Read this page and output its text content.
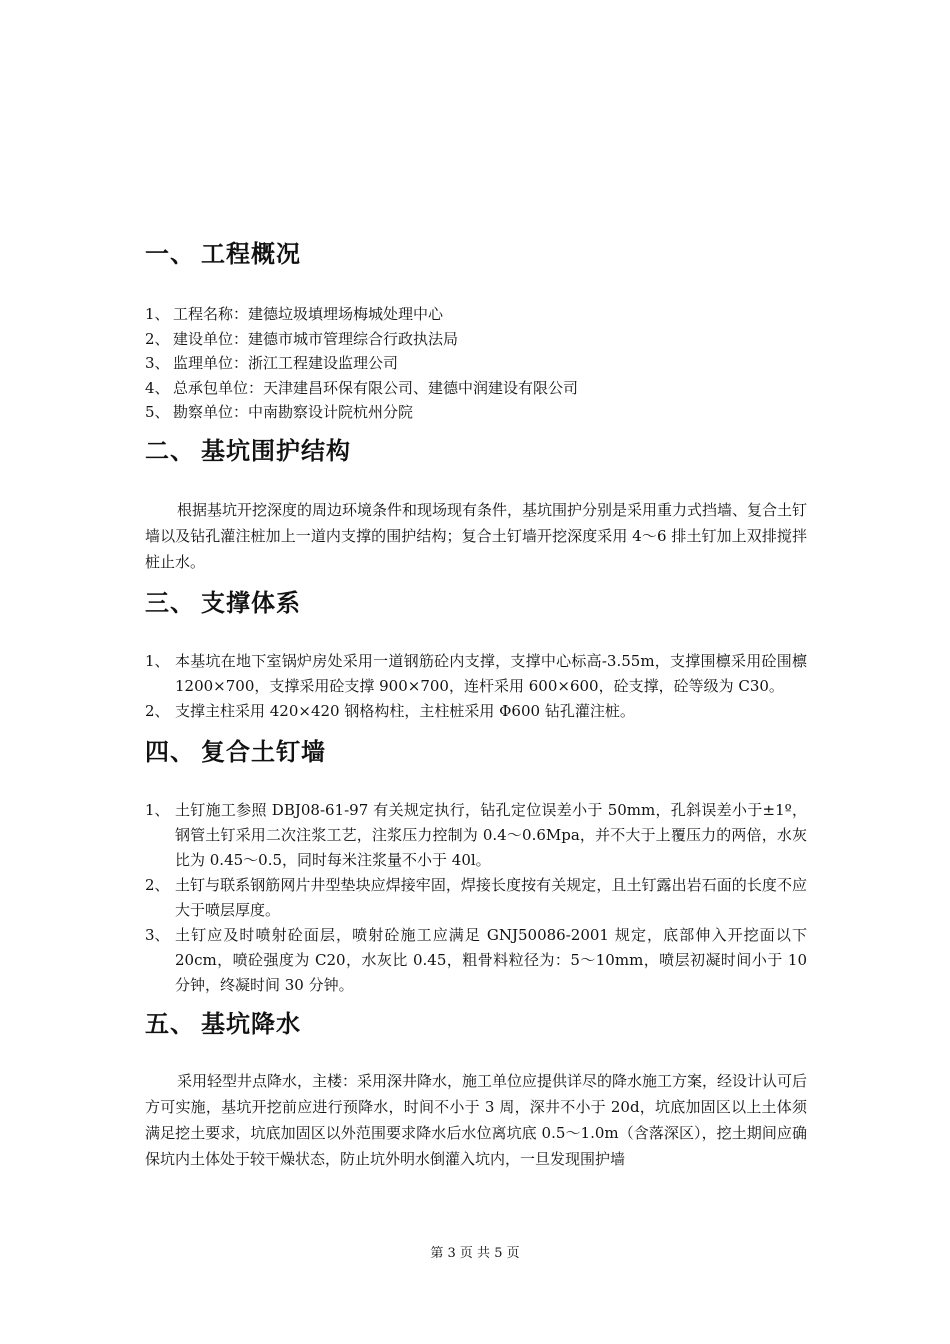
一、 工程概况
1、 工程名称：建德垃圾填埋场梅城处理中心
2、 建设单位：建德市城市管理综合行政执法局
3、 监理单位：浙江工程建设监理公司
4、 总承包单位：天津建昌环保有限公司、建德中润建设有限公司
5、 勘察单位：中南勘察设计院杭州分院
二、 基坑围护结构

根据基坑开挖深度的周边环境条件和现场现有条件，基坑围护分别是采用重力式挡墙、复合土钉墙以及钻孔灌注桩加上一道内支撑的围护结构；复合土钉墙开挖深度采用 4～6 排土钉加上双排搅拌桩止水。

三、 支撑体系
1、 本基坑在地下室锅炉房处采用一道钢筋砼内支撑，支撑中心标高-3.55m，支撑围檩采用砼围檩 1200×700，支撑采用砼支撑 900×700，连杆采用 600×600，砼支撑，砼等级为 C30。
2、 支撑主柱采用 420×420 钢格构柱，主柱桩采用 Φ600 钻孔灌注桩。
四、 复合土钉墙
1、 土钉施工参照 DBJ08-61-97 有关规定执行，钻孔定位误差小于 50mm，孔斜误差小于±1º，钢管土钉采用二次注浆工艺，注浆压力控制为 0.4～0.6Mpa，并不大于上覆压力的两倍，水灰比为 0.45～0.5，同时每米注浆量不小于 40l。
2、 土钉与联系钢筋网片井型垫块应焊接牢固，焊接长度按有关规定，且土钉露出岩石面的长度不应大于喷层厚度。
3、 土钉应及时喷射砼面层，喷射砼施工应满足 GNJ50086-2001 规定，底部伸入开挖面以下 20cm，喷砼强度为 C20，水灰比 0.45，粗骨料粒径为：5～10mm，喷层初凝时间小于 10 分钟，终凝时间 30 分钟。
五、 基坑降水

采用轻型井点降水，主楼：采用深井降水，施工单位应提供详尽的降水施工方案，经设计认可后方可实施，基坑开挖前应进行预降水，时间不小于 3 周，深井不小于 20d，坑底加固区以上土体须满足挖土要求，坑底加固区以外范围要求降水后水位离坑底 0.5～1.0m（含落深区），挖土期间应确保坑内土体处于较干燥状态，防止坑外明水倒灌入坑内，一旦发现围护墙

第 3 页 共 5 页
